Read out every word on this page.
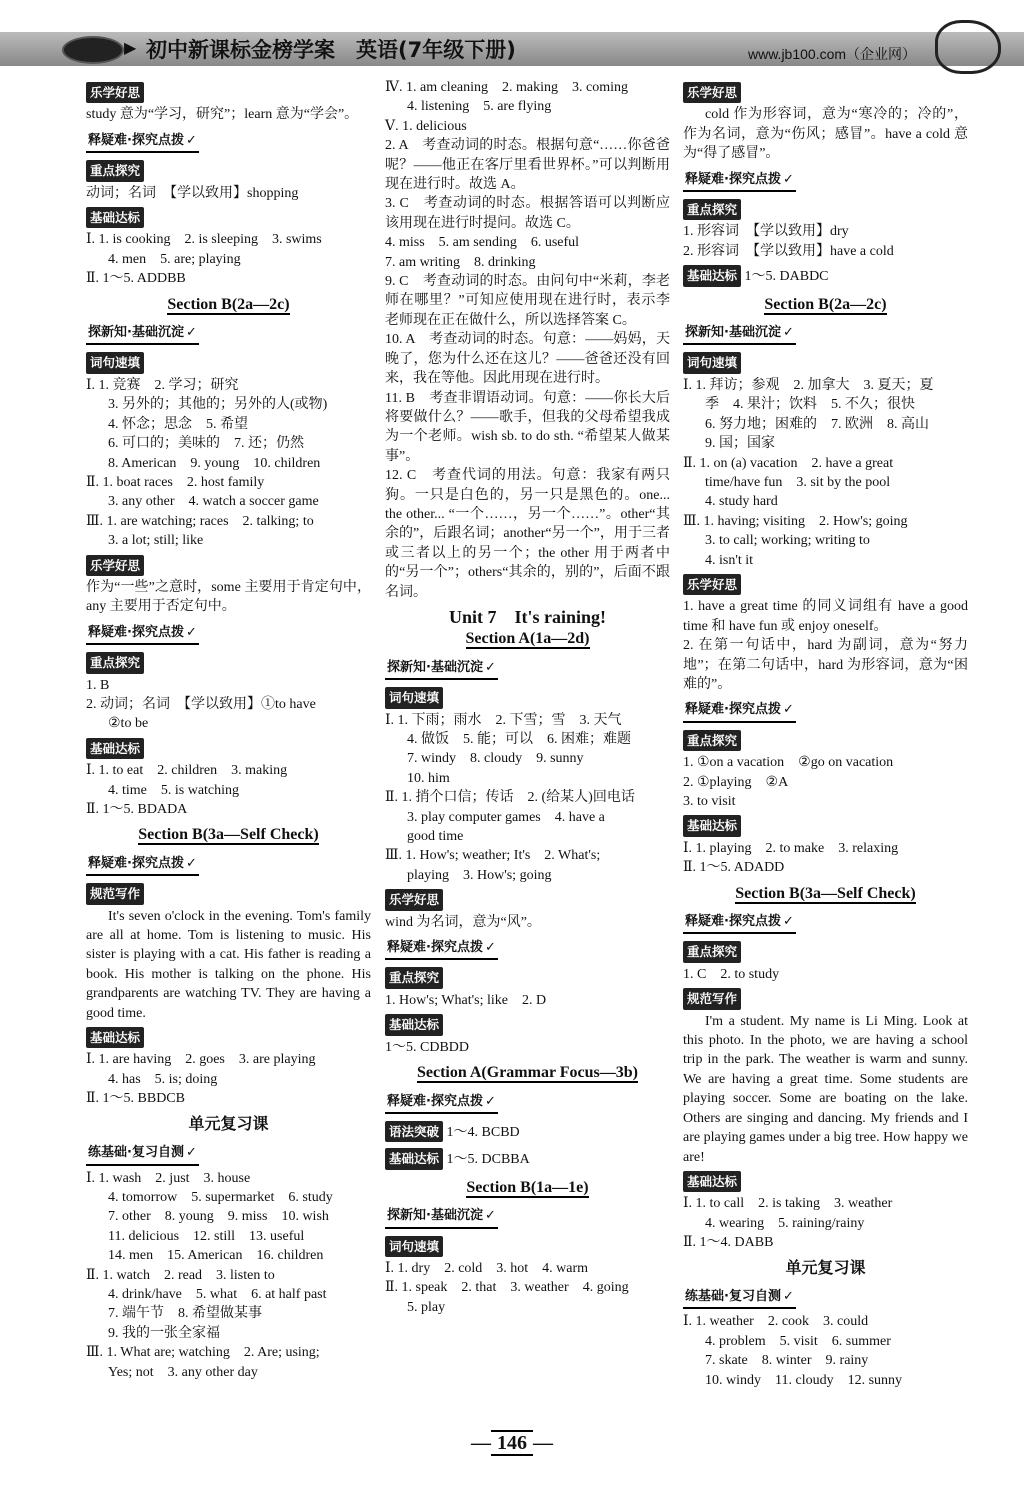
▶ 初中新课标金榜学案　英语(7年级下册)	www.jb100.com（企业网）
乐学好思

study 意为“学习，研究”；learn 意为“学会”。

释疑难·探究点拨 ✓
重点探究

动词；名词　【学以致用】shopping

基础达标

Ⅰ. 1. is cooking　2. is sleeping　3. swims

4. men　5. are; playing

Ⅱ. 1～5. ADDBB

Section B(2a—2c)
探新知·基础沉淀 ✓
词句速填

Ⅰ. 1. 竞赛　2. 学习；研究

3. 另外的；其他的；另外的人(或物)

4. 怀念；思念　5. 希望

6. 可口的；美味的　7. 还；仍然

8. American　9. young　10. children

Ⅱ. 1. boat races　2. host family

3. any other　4. watch a soccer game

Ⅲ. 1. are watching; races　2. talking; to

3. a lot; still; like

乐学好思

作为“一些”之意时，some 主要用于肯定句中，any 主要用于否定句中。

释疑难·探究点拨 ✓
重点探究

1. B

2. 动词；名词　【学以致用】①to have

②to be

基础达标

Ⅰ. 1. to eat　2. children　3. making

4. time　5. is watching

Ⅱ. 1～5. BDADA

Section B(3a—Self Check)
释疑难·探究点拨 ✓
规范写作

It's seven o'clock in the evening. Tom's family are all at home. Tom is listening to music. His sister is playing with a cat. His father is reading a book. His mother is talking on the phone. His grandparents are watching TV. They are having a good time.

基础达标

Ⅰ. 1. are having　2. goes　3. are playing

4. has　5. is; doing

Ⅱ. 1～5. BBDCB

单元复习课
练基础·复习自测 ✓

Ⅰ. 1. wash　2. just　3. house

4. tomorrow　5. supermarket　6. study

7. other　8. young　9. miss　10. wish

11. delicious　12. still　13. useful

14. men　15. American　16. children

Ⅱ. 1. watch　2. read　3. listen to

4. drink/have　5. what　6. at half past

7. 端午节　8. 希望做某事

9. 我的一张全家福

Ⅲ. 1. What are; watching　2. Are; using;

Yes; not　3. any other day

Ⅳ. 1. am cleaning　2. making　3. coming

4. listening　5. are flying

Ⅴ. 1. delicious

2. A　考查动词的时态。根据句意“……你爸爸呢？——他正在客厅里看世界杯。”可以判断用现在进行时。故选 A。

3. C　考查动词的时态。根据答语可以判断应该用现在进行时提问。故选 C。

4. miss　5. am sending　6. useful

7. am writing　8. drinking

9. C　考查动词的时态。由问句中“米莉，李老师在哪里？”可知应使用现在进行时，表示李老师现在正在做什么，所以选择答案 C。

10. A　考查动词的时态。句意：——妈妈，天晚了，您为什么还在这儿？——爸爸还没有回来，我在等他。因此用现在进行时。

11. B　考查非谓语动词。句意：——你长大后将要做什么？——歌手，但我的父母希望我成为一个老师。wish sb. to do sth. “希望某人做某事”。

12. C　考查代词的用法。句意：我家有两只狗。一只是白色的，另一只是黑色的。one... the other... “一个……，另一个……”。other“其余的”，后跟名词；another“另一个”，用于三者或三者以上的另一个；the other 用于两者中的“另一个”；others“其余的，别的”，后面不跟名词。

Unit 7　It's raining!
Section A(1a—2d)
探新知·基础沉淀 ✓
词句速填

Ⅰ. 1. 下雨；雨水　2. 下雪；雪　3. 天气

4. 做饭　5. 能；可以　6. 困难；难题

7. windy　8. cloudy　9. sunny

10. him

Ⅱ. 1. 捎个口信；传话　2. (给某人)回电话

3. play computer games　4. have a

good time

Ⅲ. 1. How's; weather; It's　2. What's;

playing　3. How's; going

乐学好思

wind 为名词，意为“风”。

释疑难·探究点拨 ✓
重点探究

1. How's; What's; like　2. D

基础达标

1～5. CDBDD

Section A(Grammar Focus—3b)
释疑难·探究点拨 ✓

语法突破 1～4. BCBD
基础达标 1～5. DCBBA
Section B(1a—1e)
探新知·基础沉淀 ✓
词句速填

Ⅰ. 1. dry　2. cold　3. hot　4. warm

Ⅱ. 1. speak　2. that　3. weather　4. going

5. play

乐学好思

cold 作为形容词，意为“寒冷的；冷的”，作为名词，意为“伤风；感冒”。have a cold 意为“得了感冒”。

释疑难·探究点拨 ✓
重点探究

1. 形容词　【学以致用】dry

2. 形容词　【学以致用】have a cold

基础达标 1～5. DABDC
Section B(2a—2c)
探新知·基础沉淀 ✓
词句速填

Ⅰ. 1. 拜访；参观　2. 加拿大　3. 夏天；夏

季　4. 果汁；饮料　5. 不久；很快

6. 努力地；困难的　7. 欧洲　8. 高山

9. 国；国家

Ⅱ. 1. on (a) vacation　2. have a great

time/have fun　3. sit by the pool

4. study hard

Ⅲ. 1. having; visiting　2. How's; going

3. to call; working; writing to

4. isn't it

乐学好思

1. have a great time 的同义词组有 have a good time 和 have fun 或 enjoy oneself。

2. 在第一句话中，hard 为副词，意为“努力地”；在第二句话中，hard 为形容词，意为“困难的”。

释疑难·探究点拨 ✓
重点探究

1. ①on a vacation　②go on vacation

2. ①playing　②A

3. to visit

基础达标

Ⅰ. 1. playing　2. to make　3. relaxing

Ⅱ. 1～5. ADADD

Section B(3a—Self Check)
释疑难·探究点拨 ✓
重点探究

1. C　2. to study

规范写作

I'm a student. My name is Li Ming. Look at this photo. In the photo, we are having a school trip in the park. The weather is warm and sunny. We are having a great time. Some students are playing soccer. Some are boating on the lake. Others are singing and dancing. My friends and I are playing games under a big tree. How happy we are!

基础达标

Ⅰ. 1. to call　2. is taking　3. weather

4. wearing　5. raining/rainy

Ⅱ. 1～4. DABB

单元复习课
练基础·复习自测 ✓

Ⅰ. 1. weather　2. cook　3. could

4. problem　5. visit　6. summer

7. skate　8. winter　9. rainy

10. windy　11. cloudy　12. sunny

— 146 —
